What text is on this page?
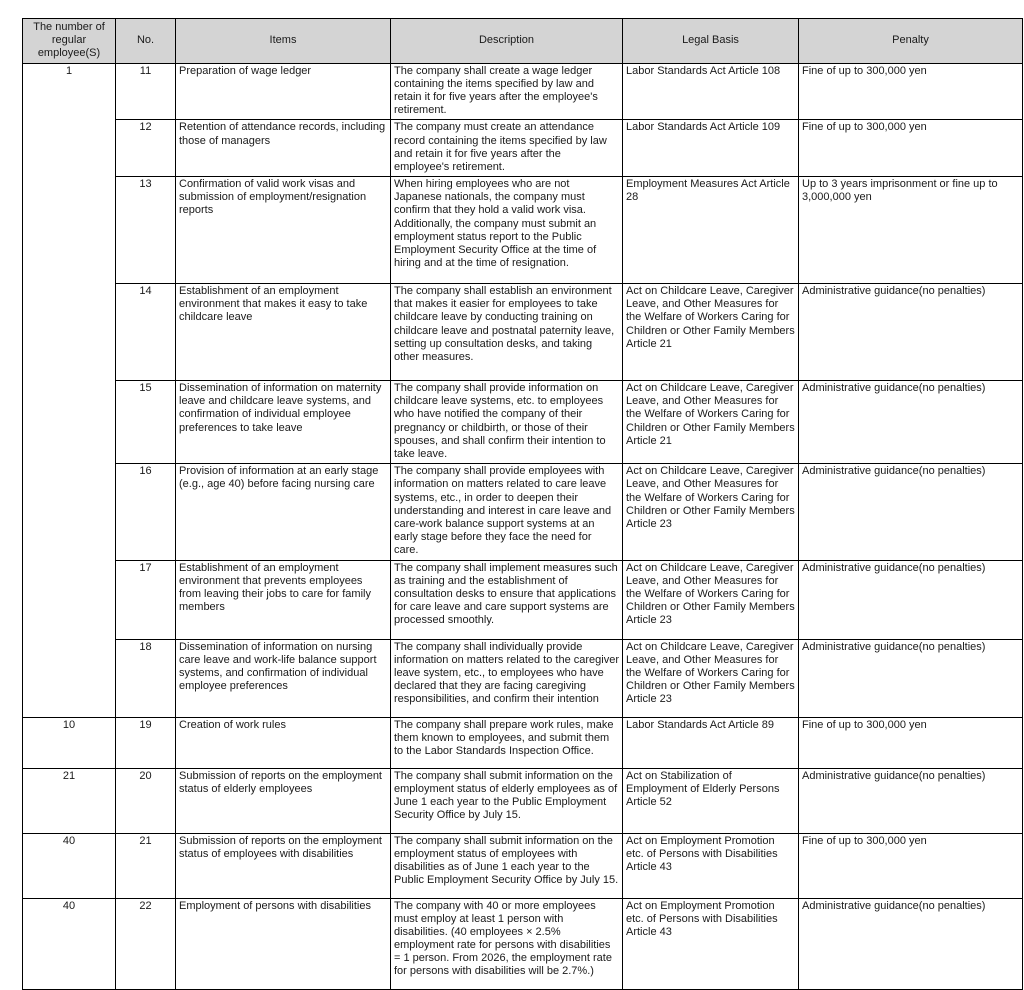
The number of regular employee(S)	No.	Items	Description	Legal Basis	Penalty
1	11	Preparation of wage ledger	The company shall create a wage ledger containing the items specified by law and retain it for five years after the employee's retirement.	Labor Standards Act Article 108	Fine of up to 300,000 yen
	12	Retention of attendance records, including those of managers	The company must create an attendance record containing the items specified by law and retain it for five years after the employee's retirement.	Labor Standards Act Article 109	Fine of up to 300,000 yen
	13	Confirmation of valid work visas and submission of employment/resignation reports	When hiring employees who are not Japanese nationals, the company must confirm that they hold a valid work visa. Additionally, the company must submit an employment status report to the Public Employment Security Office at the time of hiring and at the time of resignation.	Employment Measures Act Article 28	Up to 3 years imprisonment or fine up to 3,000,000 yen
	14	Establishment of an employment environment that makes it easy to take childcare leave	The company shall establish an environment that makes it easier for employees to take childcare leave by conducting training on childcare leave and postnatal paternity leave, setting up consultation desks, and taking other measures.	Act on Childcare Leave, Caregiver Leave, and Other Measures for the Welfare of Workers Caring for Children or Other Family Members Article 21	Administrative guidance(no penalties)
	15	Dissemination of information on maternity leave and childcare leave systems, and confirmation of individual employee preferences to take leave	The company shall provide information on childcare leave systems, etc. to employees who have notified the company of their pregnancy or childbirth, or those of their spouses, and shall confirm their intention to take leave.	Act on Childcare Leave, Caregiver Leave, and Other Measures for the Welfare of Workers Caring for Children or Other Family Members Article 21	Administrative guidance(no penalties)
	16	Provision of information at an early stage (e.g., age 40) before facing nursing care	The company shall provide employees with information on matters related to care leave systems, etc., in order to deepen their understanding and interest in care leave and care-work balance support systems at an early stage before they face the need for care.	Act on Childcare Leave, Caregiver Leave, and Other Measures for the Welfare of Workers Caring for Children or Other Family Members Article 23	Administrative guidance(no penalties)
	17	Establishment of an employment environment that prevents employees from leaving their jobs to care for family members	The company shall implement measures such as training and the establishment of consultation desks to ensure that applications for care leave and care support systems are processed smoothly.	Act on Childcare Leave, Caregiver Leave, and Other Measures for the Welfare of Workers Caring for Children or Other Family Members Article 23	Administrative guidance(no penalties)
	18	Dissemination of information on nursing care leave and work-life balance support systems, and confirmation of individual employee preferences	The company shall individually provide information on matters related to the caregiver leave system, etc., to employees who have declared that they are facing caregiving responsibilities, and confirm their intention	Act on Childcare Leave, Caregiver Leave, and Other Measures for the Welfare of Workers Caring for Children or Other Family Members Article 23	Administrative guidance(no penalties)
10	19	Creation of work rules	The company shall prepare work rules, make them known to employees, and submit them to the Labor Standards Inspection Office.	Labor Standards Act Article 89	Fine of up to 300,000 yen
21	20	Submission of reports on the employment status of elderly employees	The company shall submit information on the employment status of elderly employees as of June 1 each year to the Public Employment Security Office by July 15.	Act on Stabilization of Employment of Elderly Persons Article 52	Administrative guidance(no penalties)
40	21	Submission of reports on the employment status of employees with disabilities	The company shall submit information on the employment status of employees with disabilities as of June 1 each year to the Public Employment Security Office by July 15.	Act on Employment Promotion etc. of Persons with Disabilities Article 43	Fine of up to 300,000 yen
40	22	Employment of persons with disabilities	The company with 40 or more employees must employ at least 1 person with disabilities. (40 employees × 2.5% employment rate for persons with disabilities = 1 person. From 2026, the employment rate for persons with disabilities will be 2.7%.)	Act on Employment Promotion etc. of Persons with Disabilities Article 43	Administrative guidance(no penalties)
